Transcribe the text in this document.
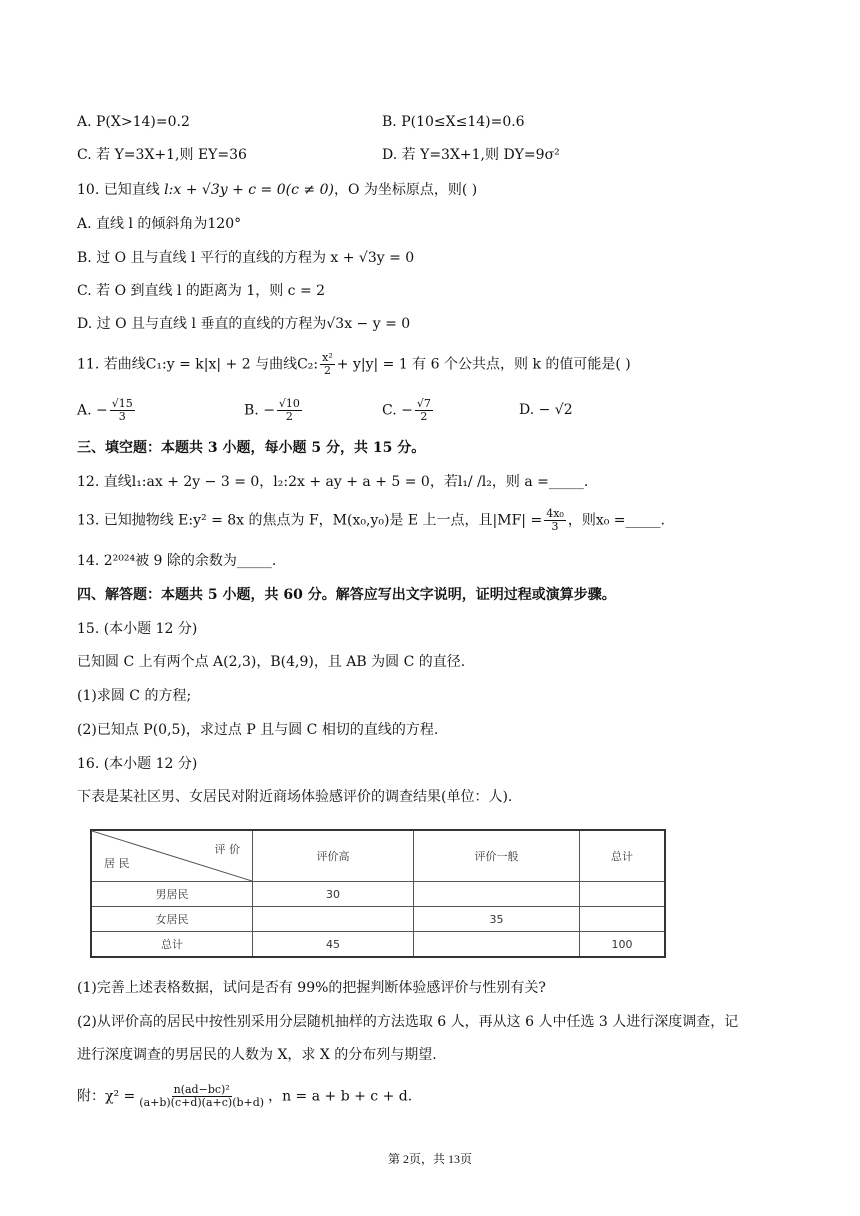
A. P(X>14)=0.2	B. P(10≤X≤14)=0.6
C. 若 Y=3X+1,则 EY=36	D. 若 Y=3X+1,则 DY=9σ²
10. 已知直线 l:x + √3y + c = 0(c ≠ 0)，O 为坐标原点，则( )
A. 直线 l 的倾斜角为120°
B. 过 O 且与直线 l 平行的直线的方程为 x + √3y = 0
C. 若 O 到直线 l 的距离为 1，则 c = 2
D. 过 O 且与直线 l 垂直的直线的方程为√3x − y = 0
11. 若曲线C₁:y = k|x| + 2 与曲线C₂: $\frac{\text{x²}}{2} + y|y| = 1$ 有 6 个公共点，则 k 的值可能是( )
A. − $\frac{√15}{3}$	B. − $\frac{√10}{2}$	C. − $\frac{√7}{2}$	D. − √2
三、填空题：本题共 3 小题，每小题 5 分，共 15 分。
12. 直线l₁:ax + 2y − 3 = 0，l₂:2x + ay + a + 5 = 0，若l₁/ /l₂，则 a =_____.
13. 已知抛物线 E:y² = 8x 的焦点为 F，M(x₀,y₀)是 E 上一点，且$|MF| = \frac{\text{4x₀}}{3}$ ，则x₀ =_____.
14. 2²⁰²⁴被 9 除的余数为_____.
四、解答题：本题共 5 小题，共 60 分。解答应写出文字说明，证明过程或演算步骤。
15. (本小题 12 分)
已知圆 C 上有两个点 A(2,3)，B(4,9)，且 AB 为圆 C 的直径.
(1)求圆 C 的方程;
(2)已知点 P(0,5)，求过点 P 且与圆 C 相切的直线的方程.
16. (本小题 12 分)
下表是某社区男、女居民对附近商场体验感评价的调查结果(单位：人).
评 价
居 民	评价高	评价一般	总计
男居民	30		
女居民		35	
总计	45		100
(1)完善上述表格数据，试问是否有 99%的把握判断体验感评价与性别有关?
(2)从评价高的居民中按性别采用分层随机抽样的方法选取 6 人，再从这 6 人中任选 3 人进行深度调查，记
进行深度调查的男居民的人数为 X，求 X 的分布列与期望.
附：$\chi^2 = \frac{\text{n(ad−bc)²}}{(a+b)(c+d)(a+c)(b+d)}$ ，n = a + b + c + d.
第 2页，共 13页
